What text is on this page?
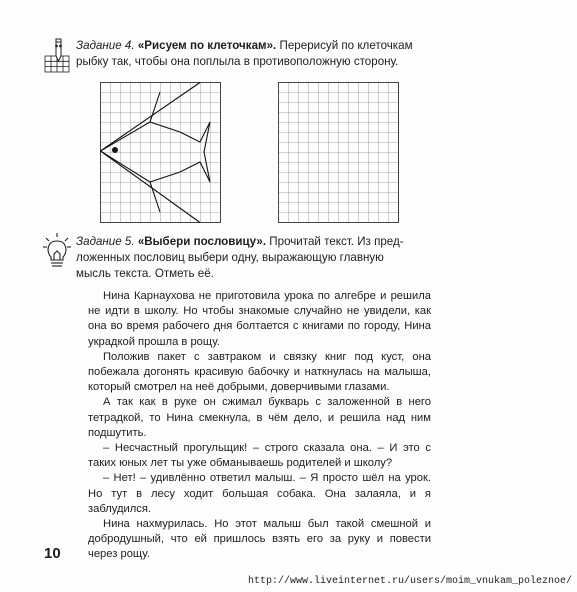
Задание 4. «Рисуем по клеточкам». Перерисуй по клеточкам
рыбку так, чтобы она поплыла в противоположную сторону.
Задание 5. «Выбери пословицу». Прочитай текст. Из пред-
ложенных пословиц выбери одну, выражающую главную
мысль текста. Отметь её.

Нина Карнаухова не приготовила урока по алгебре и решила не идти в школу. Но чтобы знакомые случайно не увидели, как она во время рабочего дня болтается с книгами по городу, Нина украдкой прошла в рощу.

Положив пакет с завтраком и связку книг под куст, она побежала догонять красивую бабочку и наткнулась на малыша, который смотрел на неё добрыми, доверчивыми глазами.

А так как в руке он сжимал букварь с заложенной в него тетрадкой, то Нина смекнула, в чём дело, и решила над ним подшутить.

– Несчастный прогульщик! – строго сказала она. – И это с таких юных лет ты уже обманываешь родителей и школу?

– Нет! – удивлённо ответил малыш. – Я просто шёл на урок. Но тут в лесу ходит большая собака. Она залаяла, и я заблудился.

Нина нахмурилась. Но этот малыш был такой смешной и добродушный, что ей пришлось взять его за руку и повести через рощу.

10
http://www.liveinternet.ru/users/moim_vnukam_poleznoe/
